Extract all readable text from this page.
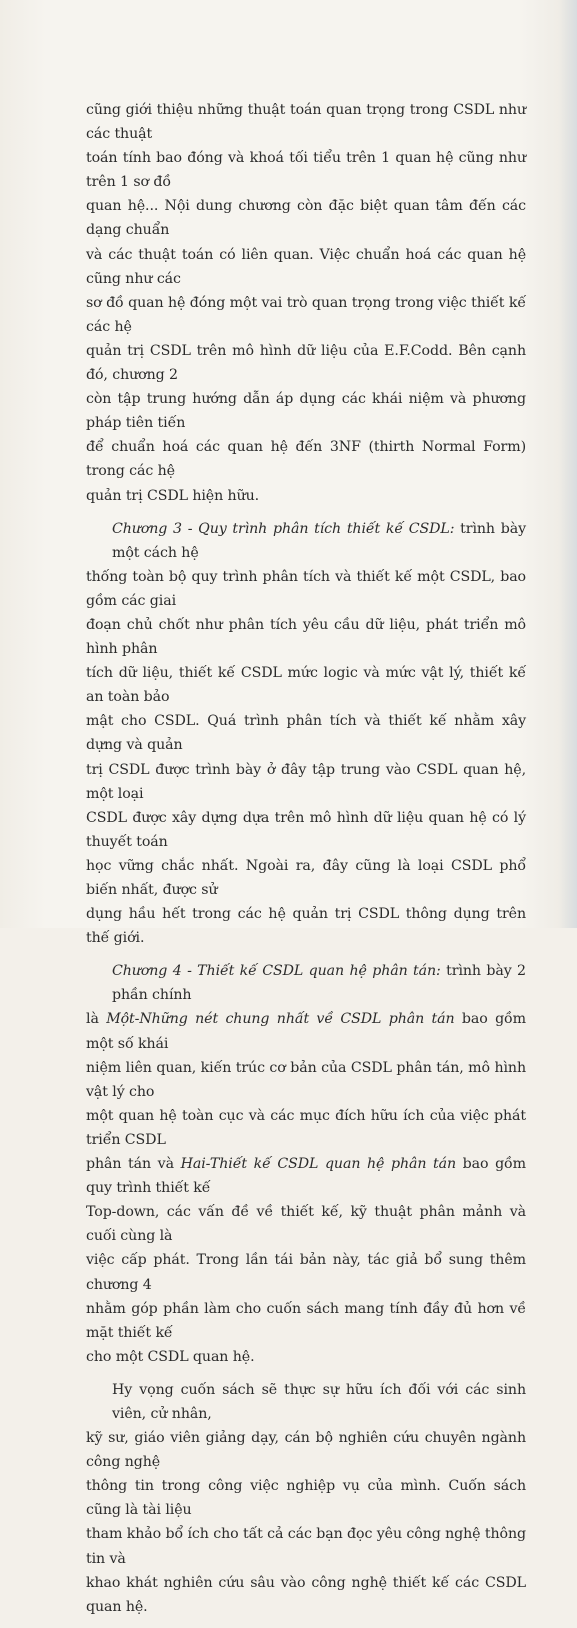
cũng giới thiệu những thuật toán quan trọng trong CSDL như các thuật
toán tính bao đóng và khoá tối tiểu trên 1 quan hệ cũng như trên 1 sơ đồ
quan hệ... Nội dung chương còn đặc biệt quan tâm đến các dạng chuẩn
và các thuật toán có liên quan. Việc chuẩn hoá các quan hệ cũng như các
sơ đồ quan hệ đóng một vai trò quan trọng trong việc thiết kế các hệ
quản trị CSDL trên mô hình dữ liệu của E.F.Codd. Bên cạnh đó, chương 2
còn tập trung hướng dẫn áp dụng các khái niệm và phương pháp tiên tiến
để chuẩn hoá các quan hệ đến 3NF (thirth Normal Form) trong các hệ
quản trị CSDL hiện hữu.

Chương 3 - Quy trình phân tích thiết kế CSDL: trình bày một cách hệ
thống toàn bộ quy trình phân tích và thiết kế một CSDL, bao gồm các giai
đoạn chủ chốt như phân tích yêu cầu dữ liệu, phát triển mô hình phân
tích dữ liệu, thiết kế CSDL mức logic và mức vật lý, thiết kế an toàn bảo
mật cho CSDL. Quá trình phân tích và thiết kế nhằm xây dựng và quản
trị CSDL được trình bày ở đây tập trung vào CSDL quan hệ, một loại
CSDL được xây dựng dựa trên mô hình dữ liệu quan hệ có lý thuyết toán
học vững chắc nhất. Ngoài ra, đây cũng là loại CSDL phổ biến nhất, được sử
dụng hầu hết trong các hệ quản trị CSDL thông dụng trên thế giới.

Chương 4 - Thiết kế CSDL quan hệ phân tán: trình bày 2 phần chính
là Một-Những nét chung nhất về CSDL phân tán bao gồm một số khái
niệm liên quan, kiến trúc cơ bản của CSDL phân tán, mô hình vật lý cho
một quan hệ toàn cục và các mục đích hữu ích của việc phát triển CSDL
phân tán và Hai-Thiết kế CSDL quan hệ phân tán bao gồm quy trình thiết kế
Top-down, các vấn đề về thiết kế, kỹ thuật phân mảnh và cuối cùng là
việc cấp phát. Trong lần tái bản này, tác giả bổ sung thêm chương 4
nhằm góp phần làm cho cuốn sách mang tính đầy đủ hơn về mặt thiết kế
cho một CSDL quan hệ.

Hy vọng cuốn sách sẽ thực sự hữu ích đối với các sinh viên, cử nhân,
kỹ sư, giáo viên giảng dạy, cán bộ nghiên cứu chuyên ngành công nghệ
thông tin trong công việc nghiệp vụ của mình. Cuốn sách cũng là tài liệu
tham khảo bổ ích cho tất cả các bạn đọc yêu công nghệ thông tin và
khao khát nghiên cứu sâu vào công nghệ thiết kế các CSDL quan hệ.
